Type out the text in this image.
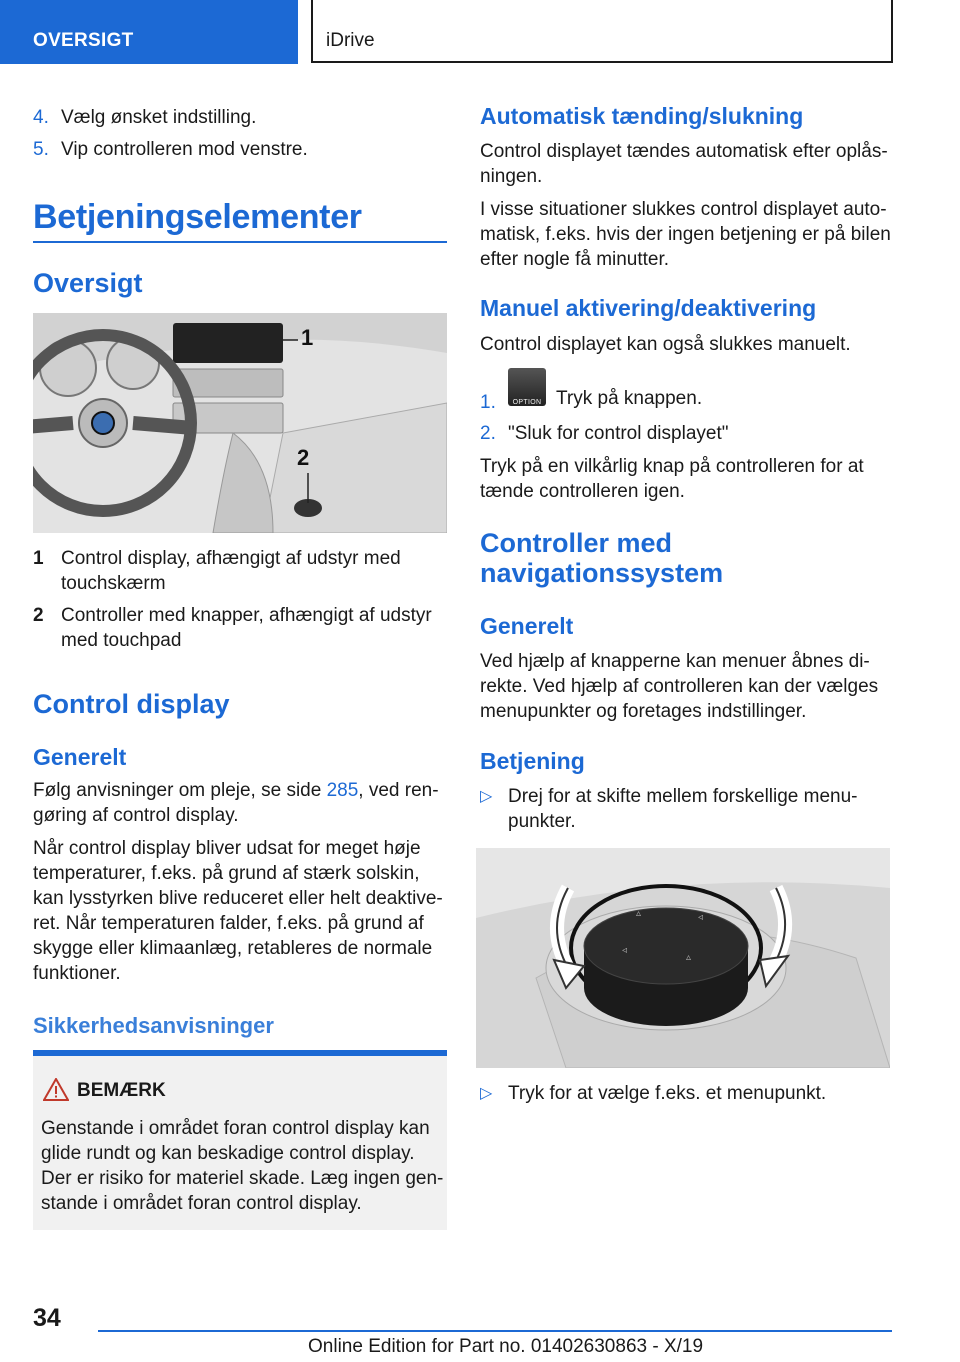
OVERSIGT	iDrive
4. Vælg ønsket indstilling.

5. Vip controlleren mod venstre.

Betjeningselementer
Oversigt
1
2
1 Control display, afhængigt af udstyr med

touchskærm

2 Controller med knapper, afhængigt af udstyr

med touchpad

Control display
Generelt

Følg anvisninger om pleje, se side 285, ved ren-

gøring af control display.

Når control display bliver udsat for meget høje

temperaturer, f.eks. på grund af stærk solskin,

kan lysstyrken blive reduceret eller helt deaktive-

ret. Når temperaturen falder, f.eks. på grund af

skygge eller klimaanlæg, retableres de normale

funktioner.

Sikkerhedsanvisninger
BEMÆRK

Genstande i området foran control display kan

glide rundt og kan beskadige control display.

Der er risiko for materiel skade. Læg ingen gen-

stande i området foran control display.

Automatisk tænding/slukning

Control displayet tændes automatisk efter oplås-

ningen.

I visse situationer slukkes control displayet auto-

matisk, f.eks. hvis der ingen betjening er på bilen

efter nogle få minutter.

Manuel aktivering/deaktivering

Control displayet kan også slukkes manuelt.

1.	OPTION Tryk på knappen.
2. "Sluk for control displayet"

Tryk på en vilkårlig knap på controlleren for at

tænde controlleren igen.

Controller med
navigationssystem
Generelt

Ved hjælp af knapperne kan menuer åbnes di-

rekte. Ved hjælp af controlleren kan der vælges

menupunkter og foretages indstillinger.

Betjening
▷ Drej for at skifte mellem forskellige menu-

punkter.

▵	◃
◃
▵
▷ Tryk for at vælge f.eks. et menupunkt.

34
Online Edition for Part no. 01402630863 - X/19
